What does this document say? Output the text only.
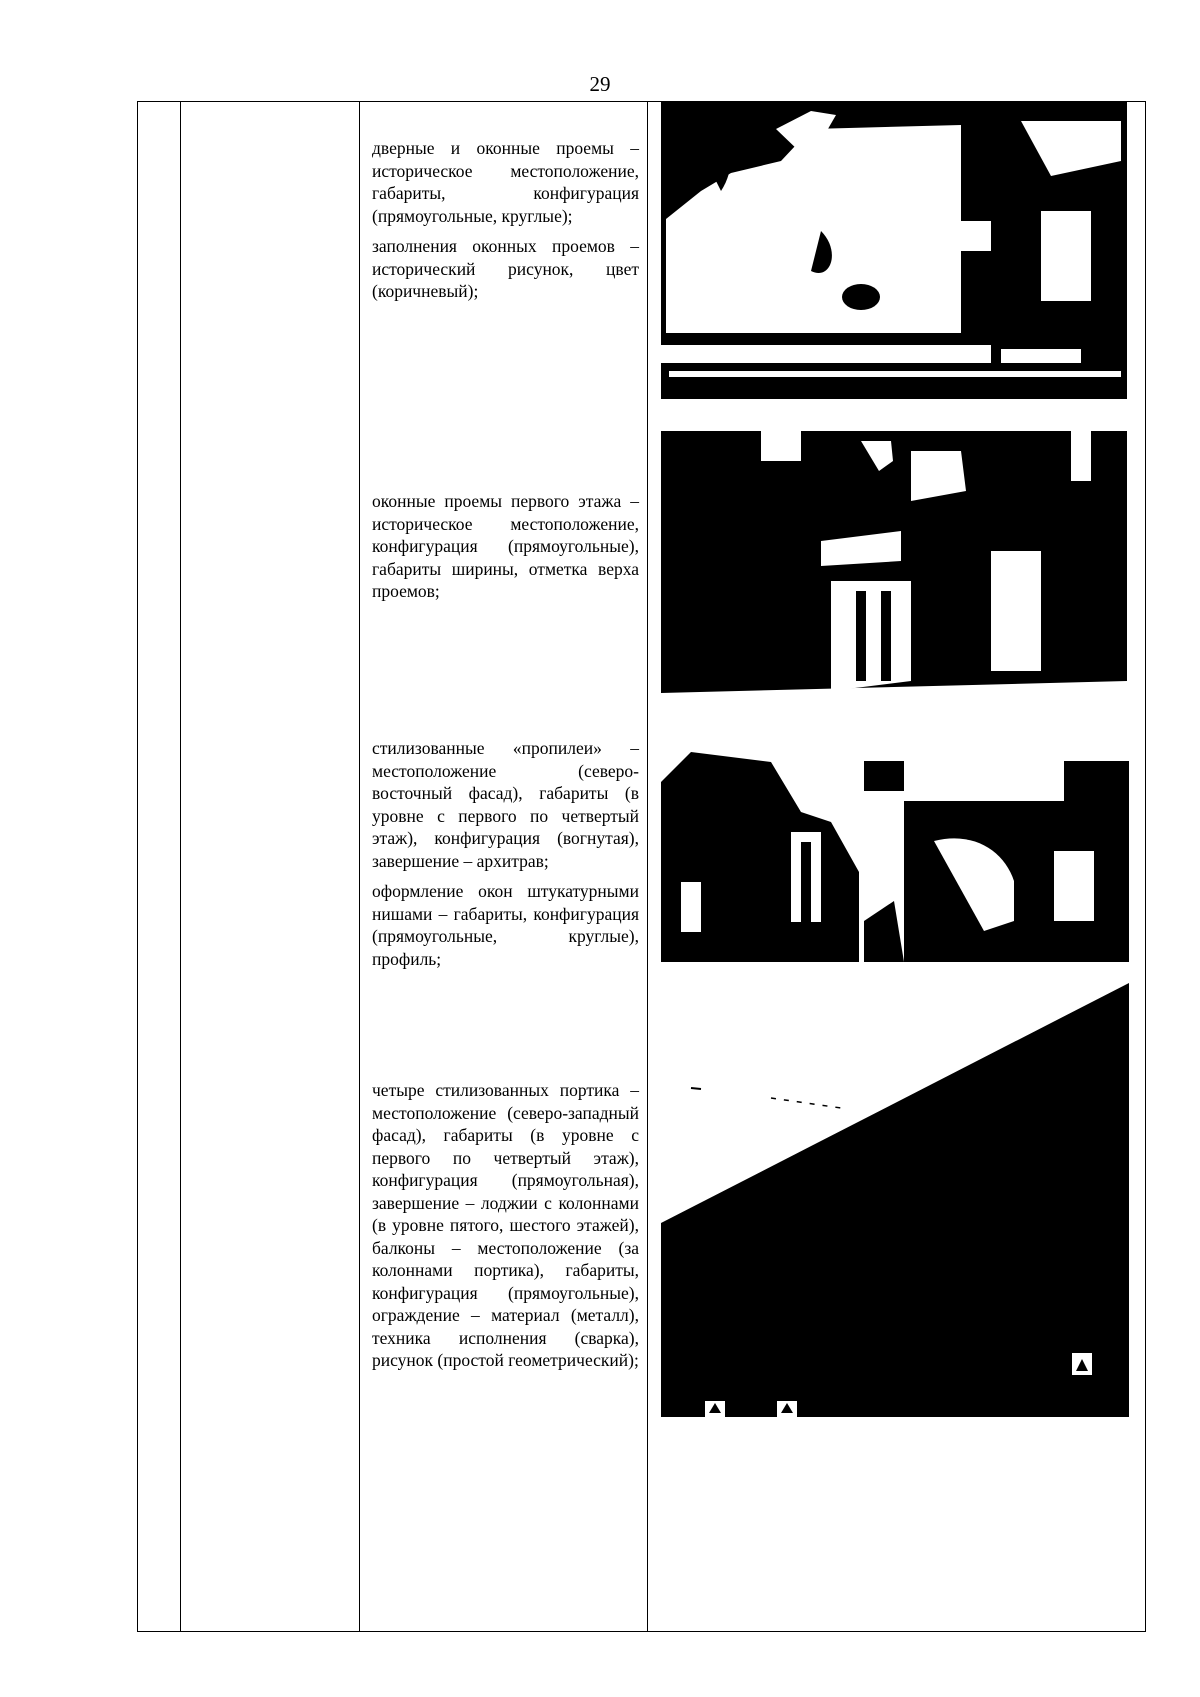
29

дверные и оконные проемы – историческое местоположение, габариты, конфигурация (прямоугольные, круглые);

заполнения оконных проемов – исторический рисунок, цвет (коричневый);

оконные проемы первого этажа – историческое местоположение, конфигурация (прямоугольные), габариты ширины, отметка верха проемов;

стилизованные «пропилеи» – местоположение (северо-восточный фасад), габариты (в уровне с первого по четвертый этаж), конфигурация (вогнутая), завершение – архитрав;

оформление окон штукатурными нишами – габариты, конфигурация (прямоугольные, круглые), профиль;

четыре стилизованных портика – местоположение (северо-западный фасад), габариты (в уровне с первого по четвертый этаж), конфигурация (прямоугольная), завершение – лоджии с колоннами (в уровне пятого, шестого этажей), балконы – местоположение (за колоннами портика), габариты, конфигурация (прямоугольные), ограждение – материал (металл), техника исполнения (сварка), рисунок (простой геометрический);
